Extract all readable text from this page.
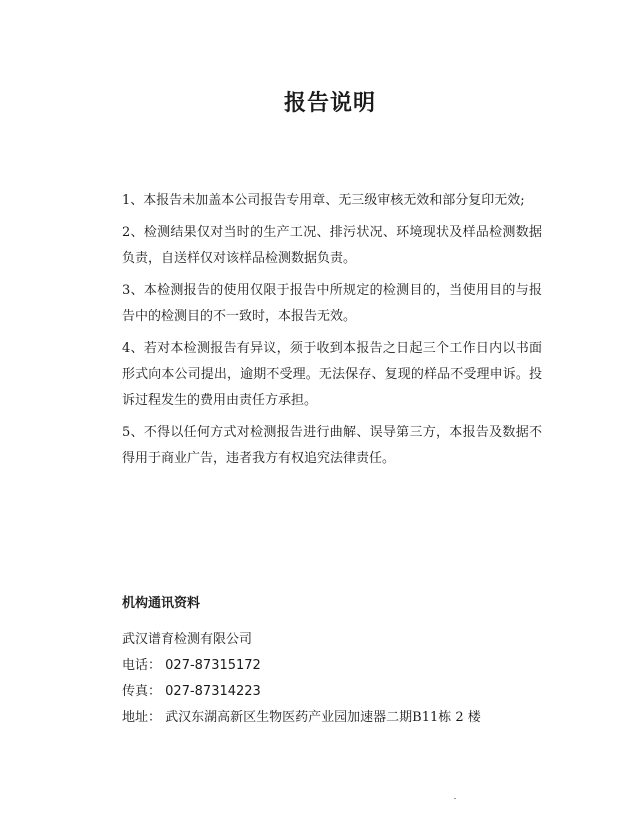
报告说明
1、本报告未加盖本公司报告专用章、无三级审核无效和部分复印无效;
2、检测结果仅对当时的生产工况、排污状况、环境现状及样品检测数据负责，自送样仅对该样品检测数据负责。
3、本检测报告的使用仅限于报告中所规定的检测目的，当使用目的与报告中的检测目的不一致时，本报告无效。
4、若对本检测报告有异议，须于收到本报告之日起三个工作日内以书面形式向本公司提出，逾期不受理。无法保存、复现的样品不受理申诉。投诉过程发生的费用由责任方承担。
5、不得以任何方式对检测报告进行曲解、误导第三方，本报告及数据不得用于商业广告，违者我方有权追究法律责任。

机构通讯资料

武汉谱育检测有限公司

电话： 027-87315172

传真： 027-87314223

地址： 武汉东湖高新区生物医药产业园加速器二期B11栋 2 楼
